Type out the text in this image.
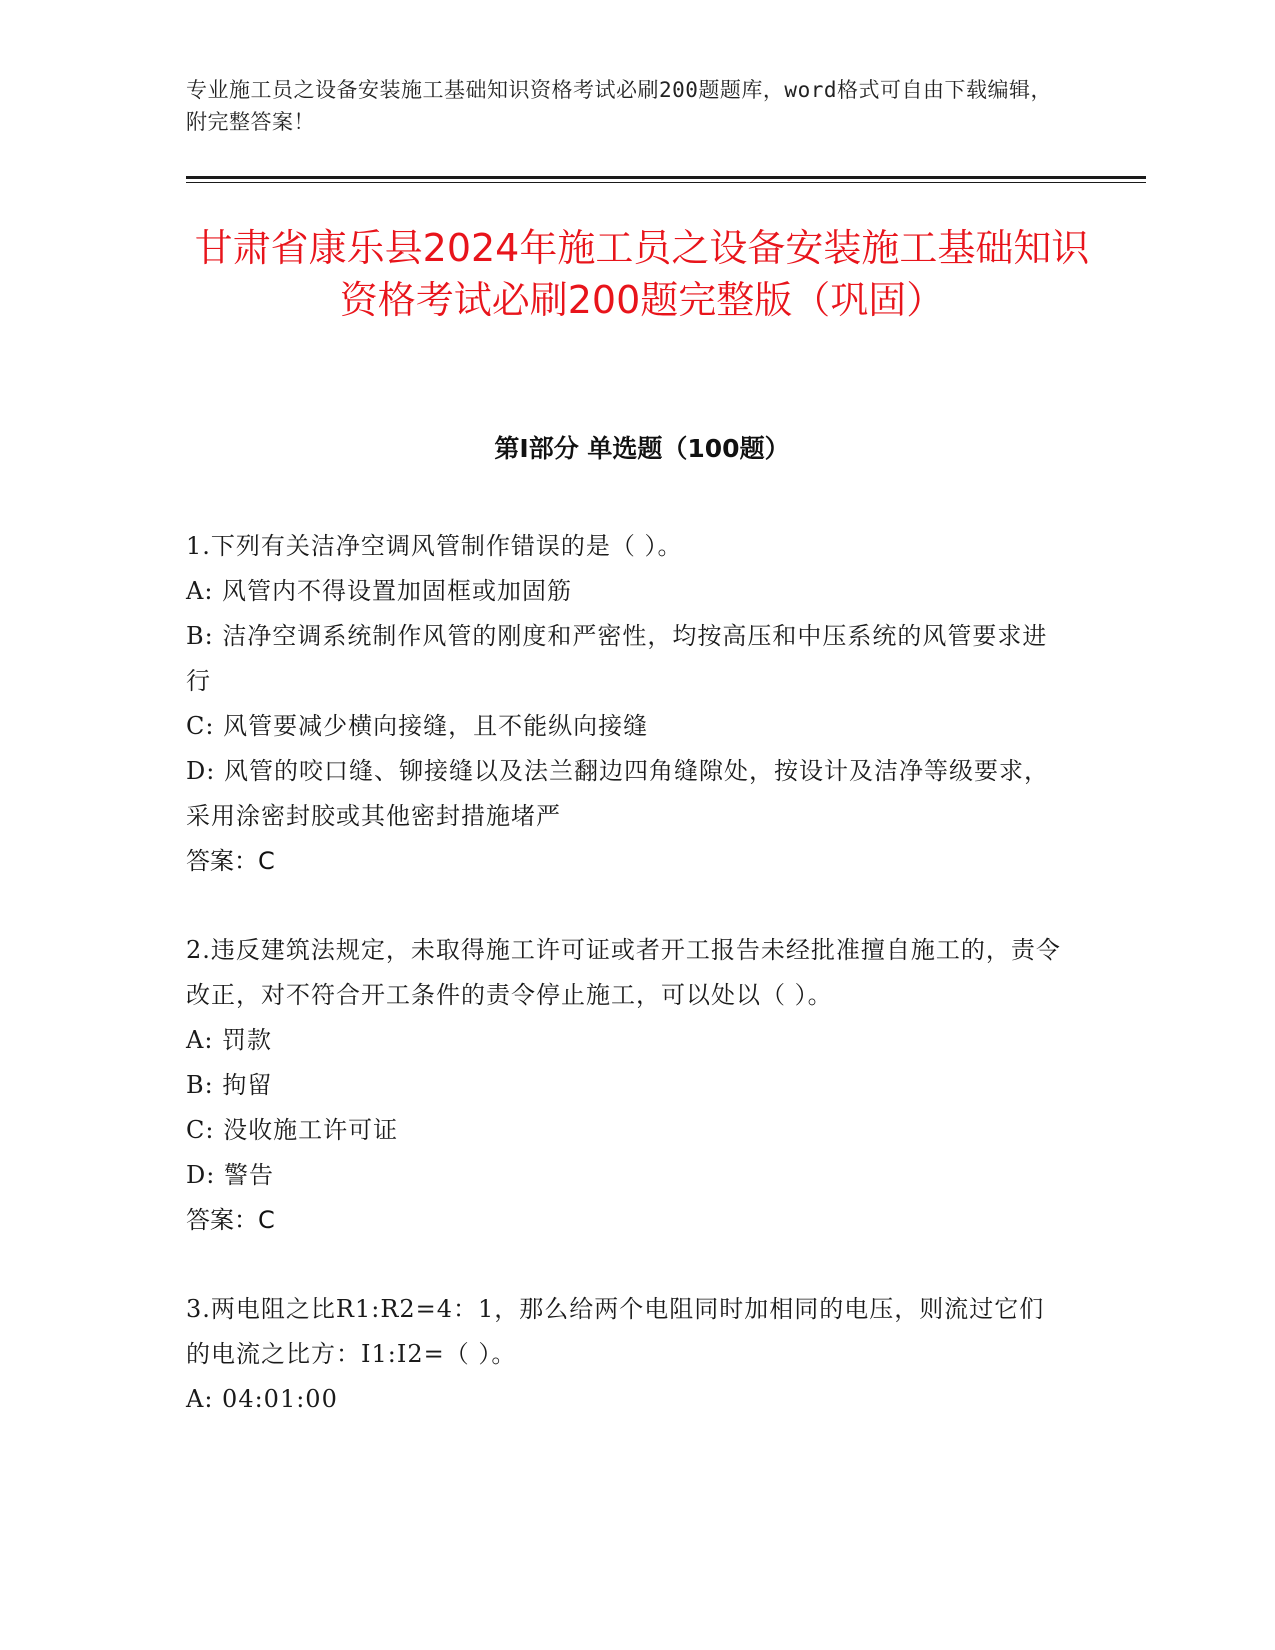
专业施工员之设备安装施工基础知识资格考试必刷200题题库，word格式可自由下载编辑，附完整答案！
甘肃省康乐县2024年施工员之设备安装施工基础知识资格考试必刷200题完整版（巩固）
第Ⅰ部分 单选题（100题）
1.下列有关洁净空调风管制作错误的是（ ）。
A: 风管内不得设置加固框或加固筋
B: 洁净空调系统制作风管的刚度和严密性，均按高压和中压系统的风管要求进行
C: 风管要减少横向接缝，且不能纵向接缝
D: 风管的咬口缝、铆接缝以及法兰翻边四角缝隙处，按设计及洁净等级要求，采用涂密封胶或其他密封措施堵严
答案：C
2.违反建筑法规定，未取得施工许可证或者开工报告未经批准擅自施工的，责令改正，对不符合开工条件的责令停止施工，可以处以（ ）。
A: 罚款
B: 拘留
C: 没收施工许可证
D: 警告
答案：C
3.两电阻之比R1:R2=4：1，那么给两个电阻同时加相同的电压，则流过它们的电流之比方：I1:I2=（ ）。
A: 04:01:00
